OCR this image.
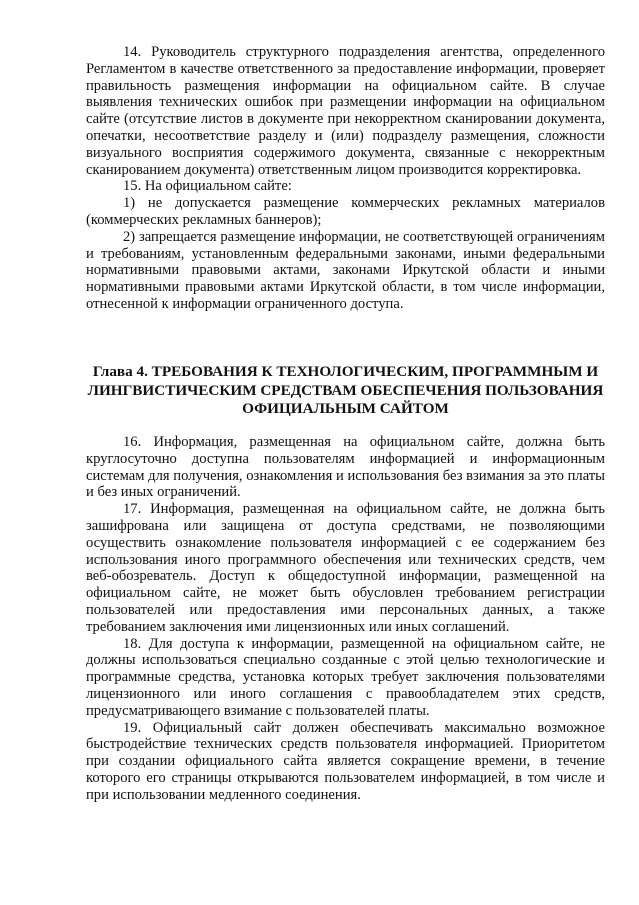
14. Руководитель структурного подразделения агентства, определенного Регламентом в качестве ответственного за предоставление информации, проверяет правильность размещения информации на официальном сайте. В случае выявления технических ошибок при размещении информации на официальном сайте (отсутствие листов в документе при некорректном сканировании документа, опечатки, несоответствие разделу и (или) подразделу размещения, сложности визуального восприятия содержимого документа, связанные с некорректным сканированием документа) ответственным лицом производится корректировка.

15. На официальном сайте:

1) не допускается размещение коммерческих рекламных материалов (коммерческих рекламных баннеров);

2) запрещается размещение информации, не соответствующей ограничениям и требованиям, установленным федеральными законами, иными федеральными нормативными правовыми актами, законами Иркутской области и иными нормативными правовыми актами Иркутской области, в том числе информации, отнесенной к информации ограниченного доступа.

Глава 4. ТРЕБОВАНИЯ К ТЕХНОЛОГИЧЕСКИМ, ПРОГРАММНЫМ И
ЛИНГВИСТИЧЕСКИМ СРЕДСТВАМ ОБЕСПЕЧЕНИЯ ПОЛЬЗОВАНИЯ
ОФИЦИАЛЬНЫМ САЙТОМ

16. Информация, размещенная на официальном сайте, должна быть круглосуточно доступна пользователям информацией и информационным системам для получения, ознакомления и использования без взимания за это платы и без иных ограничений.

17. Информация, размещенная на официальном сайте, не должна быть зашифрована или защищена от доступа средствами, не позволяющими осуществить ознакомление пользователя информацией с ее содержанием без использования иного программного обеспечения или технических средств, чем веб-обозреватель. Доступ к общедоступной информации, размещенной на официальном сайте, не может быть обусловлен требованием регистрации пользователей или предоставления ими персональных данных, а также требованием заключения ими лицензионных или иных соглашений.

18. Для доступа к информации, размещенной на официальном сайте, не должны использоваться специально созданные с этой целью технологические и программные средства, установка которых требует заключения пользователями лицензионного или иного соглашения с правообладателем этих средств, предусматривающего взимание с пользователей платы.

19. Официальный сайт должен обеспечивать максимально возможное быстродействие технических средств пользователя информацией. Приоритетом при создании официального сайта является сокращение времени, в течение которого его страницы открываются пользователем информацией, в том числе и при использовании медленного соединения.
